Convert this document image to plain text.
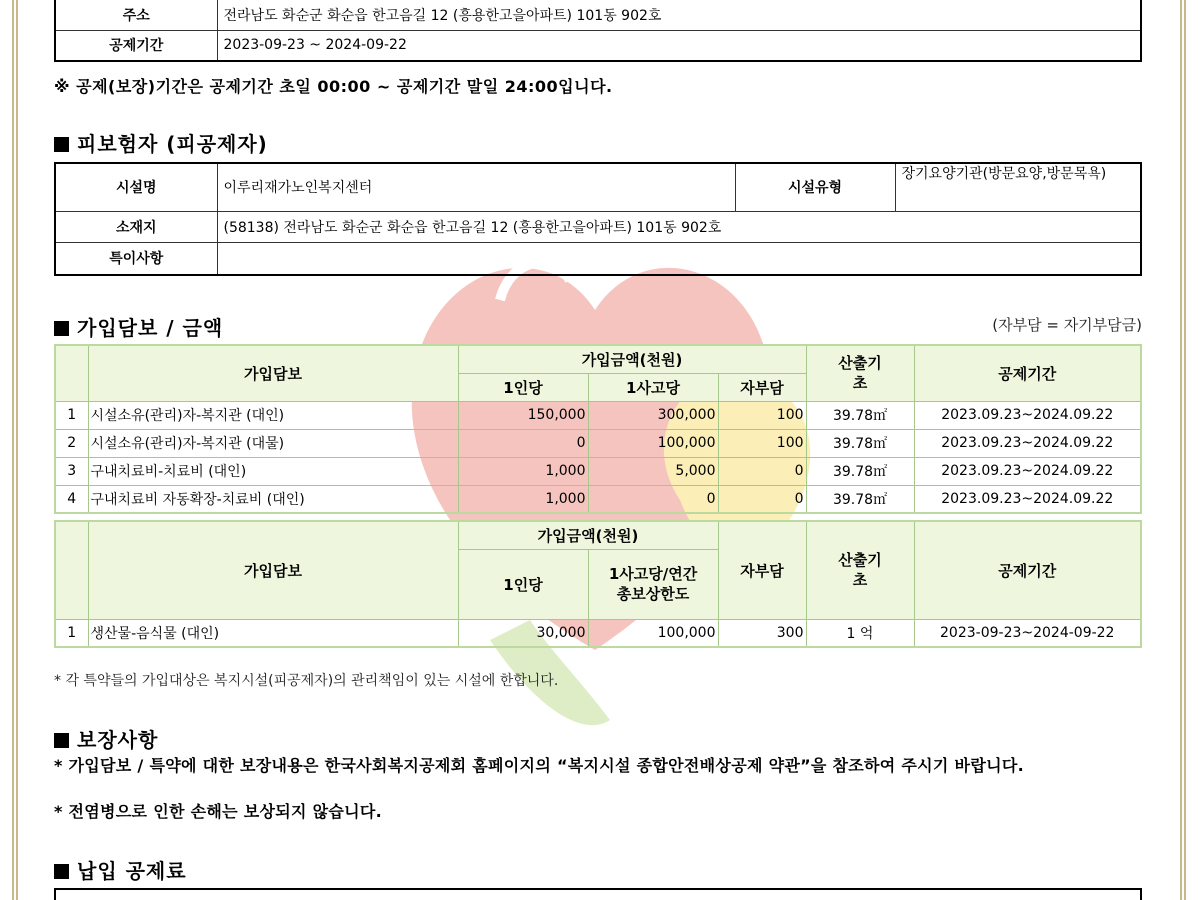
주소	전라남도 화순군 화순읍 한고음길 12 (흥용한고을아파트) 101동 902호
공제기간	2023-09-23 ~ 2024-09-22
※ 공제(보장)기간은 공제기간 초일 00:00 ~ 공제기간 말일 24:00입니다.
피보험자 (피공제자)
시설명	이루리재가노인복지센터	시설유형	장기요양기관(방문요양,방문목욕)
소재지	(58138) 전라남도 화순군 화순읍 한고음길 12 (흥용한고을아파트) 101동 902호		
특이사항			
가입담보 / 금액	(자부담 = 자기부담금)
	가입담보	가입금액(천원)			산출기초	공제기간
		1인당	1사고당	자부담		
1	시설소유(관리)자-복지관 (대인)	150,000	300,000	100	39.78㎡	2023.09.23~2024.09.22
2	시설소유(관리)자-복지관 (대물)	0	100,000	100	39.78㎡	2023.09.23~2024.09.22
3	구내치료비-치료비 (대인)	1,000	5,000	0	39.78㎡	2023.09.23~2024.09.22
4	구내치료비 자동확장-치료비 (대인)	1,000	0	0	39.78㎡	2023.09.23~2024.09.22
	가입담보	가입금액(천원)		자부담	산출기초	공제기간
		1인당	1사고당/연간 총보상한도			

1	생산물-음식물 (대인)	30,000	100,000	300	1 억	2023-09-23~2024-09-22
* 각 특약들의 가입대상은 복지시설(피공제자)의 관리책임이 있는 시설에 한합니다.
보장사항
* 가입담보 / 특약에 대한 보장내용은 한국사회복지공제회 홈페이지의 “복지시설 종합안전배상공제 약관”을 참조하여 주시기 바랍니다.
* 전염병으로 인한 손해는 보상되지 않습니다.
납입 공제료
